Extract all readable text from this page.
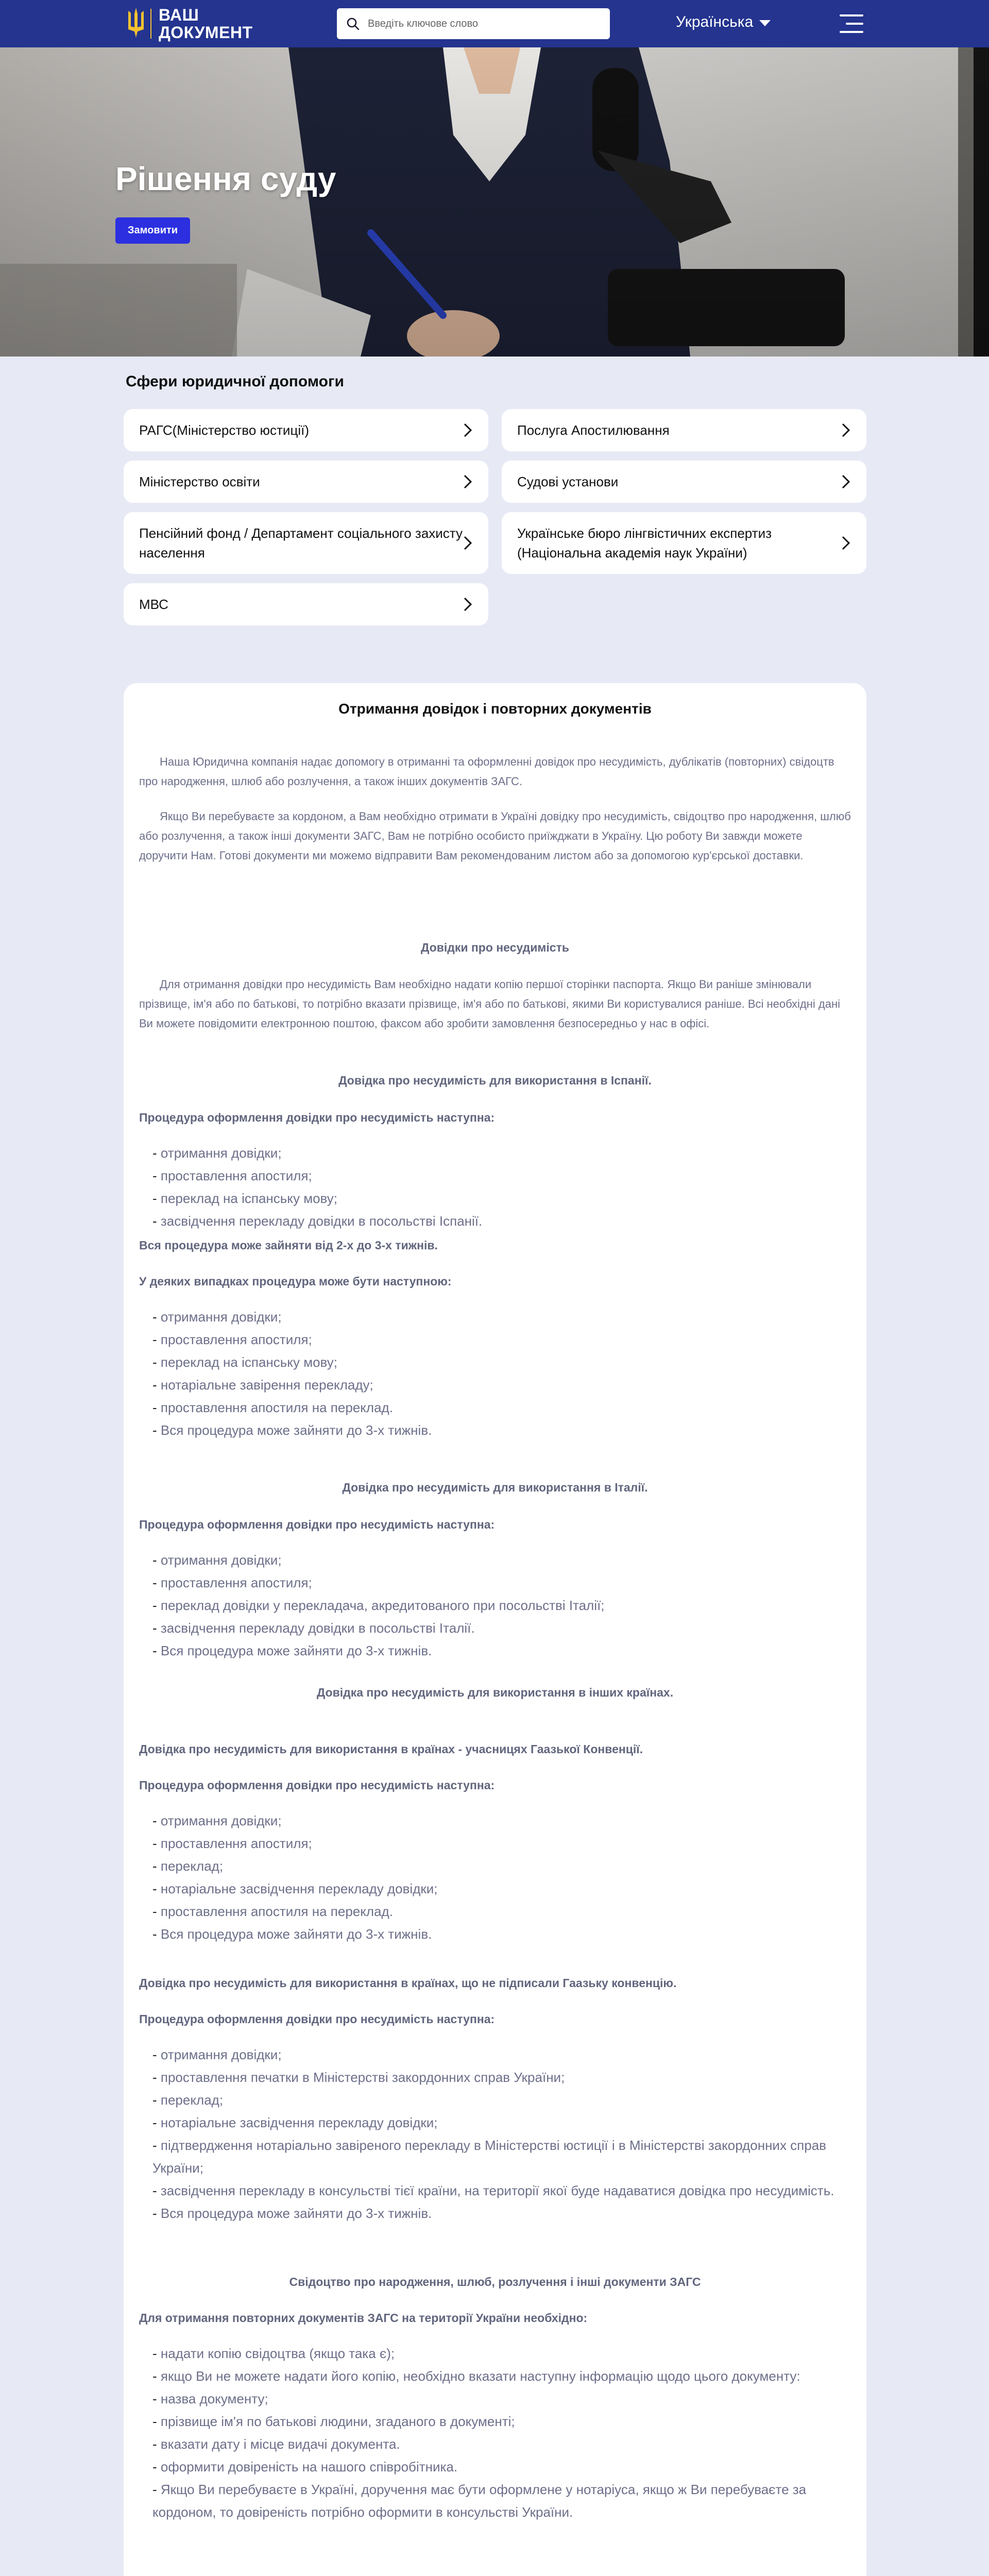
ВАШ
ДОКУМЕНТ
Введіть ключове слово
Українська
Рішення суду
Замовити
Сфери юридичної допомоги
РАГС(Міністерство юстиції)	Послуга Апостилювання
Міністерство освіти	Судові установи
Пенсійний фонд / Департамент соціального захисту населення
Українське бюро лінгвістичних експертиз (Національна академія наук України)
МВС
Отримання довідок і повторних документів

Наша Юридична компанія надає допомогу в отриманні та оформленні довідок про несудимість, дублікатів (повторних) свідоцтв про народження, шлюб або розлучення, а також інших документів ЗАГС.

Якщо Ви перебуваєте за кордоном, а Вам необхідно отримати в Україні довідку про несудимість, свідоцтво про народження, шлюб або розлучення, а також інші документи ЗАГС, Вам не потрібно особисто приїжджати в Україну. Цю роботу Ви завжди можете доручити Нам. Готові документи ми можемо відправити Вам рекомендованим листом або за допомогою кур'єрської доставки.

Довідки про несудимість

Для отримання довідки про несудимість Вам необхідно надати копію першої сторінки паспорта. Якщо Ви раніше змінювали прізвище, ім'я або по батькові, то потрібно вказати прізвище, ім'я або по батькові, якими Ви користувалися раніше. Всі необхідні дані Ви можете повідомити електронною поштою, факсом або зробити замовлення безпосередньо у нас в офісі.

Довідка про несудимість для використання в Іспанії.
Процедура оформлення довідки про несудимість наступна:
- отримання довідки;
- проставлення апостиля;
- переклад на іспанську мову;
- засвідчення перекладу довідки в посольстві Іспанії.
Вся процедура може зайняти від 2-х до 3-х тижнів.
У деяких випадках процедура може бути наступною:
- отримання довідки;
- проставлення апостиля;
- переклад на іспанську мову;
- нотаріальне завірення перекладу;
- проставлення апостиля на переклад.
- Вся процедура може зайняти до 3-х тижнів.
Довідка про несудимість для використання в Італії.
Процедура оформлення довідки про несудимість наступна:
- отримання довідки;
- проставлення апостиля;
- переклад довідки у перекладача, акредитованого при посольстві Італії;
- засвідчення перекладу довідки в посольстві Італії.
- Вся процедура може зайняти до 3-х тижнів.
Довідка про несудимість для використання в інших країнах.
Довідка про несудимість для використання в країнах - учасницях Гаазької Конвенції.
Процедура оформлення довідки про несудимість наступна:
- отримання довідки;
- проставлення апостиля;
- переклад;
- нотаріальне засвідчення перекладу довідки;
- проставлення апостиля на переклад.
- Вся процедура може зайняти до 3-х тижнів.
Довідка про несудимість для використання в країнах, що не підписали Гаазьку конвенцію.
Процедура оформлення довідки про несудимість наступна:
- отримання довідки;
- проставлення печатки в Міністерстві закордонних справ України;
- переклад;
- нотаріальне засвідчення перекладу довідки;
- підтвердження нотаріально завіреного перекладу в Міністерстві юстиції і в Міністерстві закордонних справ України;
- засвідчення перекладу в консульстві тієї країни, на території якої буде надаватися довідка про несудимість.
- Вся процедура може зайняти до 3-х тижнів.
Свідоцтво про народження, шлюб, розлучення і інші документи ЗАГС
Для отримання повторних документів ЗАГС на території України необхідно:
- надати копію свідоцтва (якщо така є);
- якщо Ви не можете надати його копію, необхідно вказати наступну інформацію щодо цього документу:
- назва документу;
- прізвище ім'я по батькові людини, згаданого в документі;
- вказати дату і місце видачі документа.
- оформити довіреність на нашого співробітника.
- Якщо Ви перебуваєте в Україні, доручення має бути оформлене у нотаріуса, якщо ж Ви перебуваєте за кордоном, то довіреність потрібно оформити в консульстві України.
